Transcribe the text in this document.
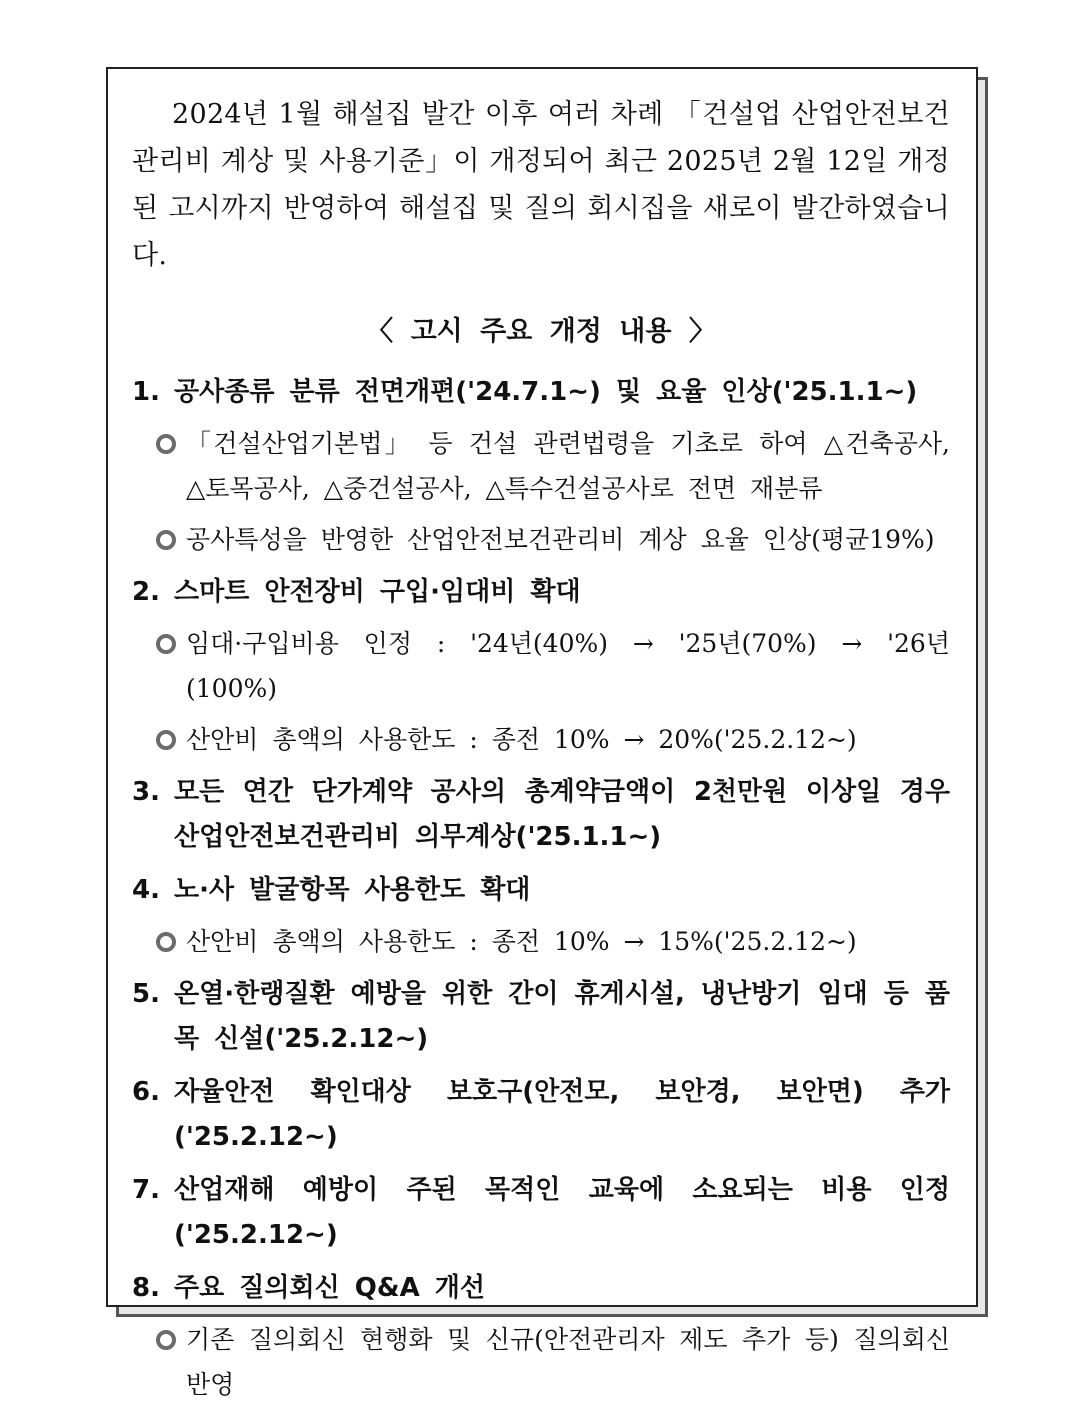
2024년 1월 해설집 발간 이후 여러 차례 「건설업 산업안전보건관리비 계상 및 사용기준」이 개정되어 최근 2025년 2월 12일 개정된 고시까지 반영하여 해설집 및 질의 회시집을 새로이 발간하였습니다.

〈 고시 주요 개정 내용 〉
1. 공사종류 분류 전면개편('24.7.1~) 및 요율 인상('25.1.1~)
「건설산업기본법」 등 건설 관련법령을 기초로 하여 △건축공사, △토목공사, △중건설공사, △특수건설공사로 전면 재분류
공사특성을 반영한 산업안전보건관리비 계상 요율 인상(평균19%)
2. 스마트 안전장비 구입·임대비 확대
임대·구입비용 인정 : '24년(40%) → '25년(70%) → '26년(100%)
산안비 총액의 사용한도 : 종전 10% → 20%('25.2.12~)
3. 모든 연간 단가계약 공사의 총계약금액이 2천만원 이상일 경우 산업안전보건관리비 의무계상('25.1.1~)
4. 노·사 발굴항목 사용한도 확대
산안비 총액의 사용한도 : 종전 10% → 15%('25.2.12~)
5. 온열·한랭질환 예방을 위한 간이 휴게시설, 냉난방기 임대 등 품목 신설('25.2.12~)
6. 자율안전 확인대상 보호구(안전모, 보안경, 보안면) 추가('25.2.12~)
7. 산업재해 예방이 주된 목적인 교육에 소요되는 비용 인정('25.2.12~)
8. 주요 질의회신 Q&A 개선
기존 질의회신 현행화 및 신규(안전관리자 제도 추가 등) 질의회신 반영
